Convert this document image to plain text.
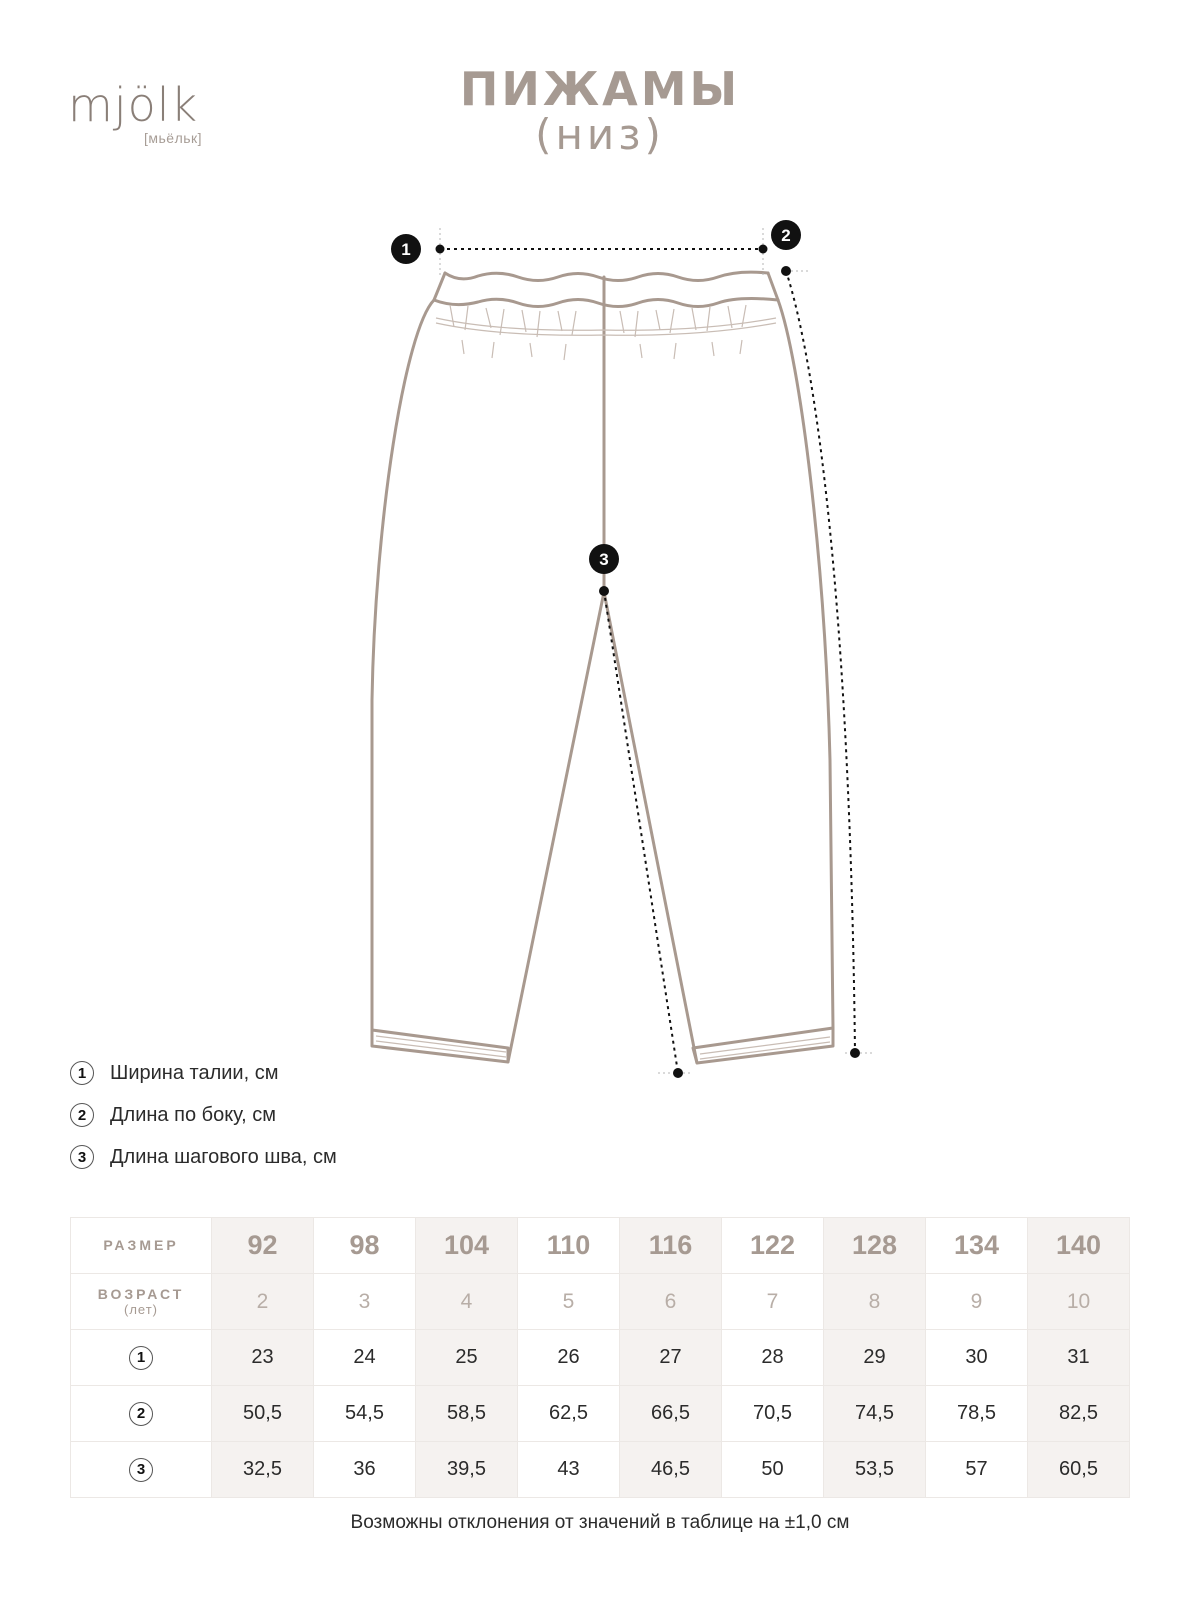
mjölk
[мьёльк]
ПИЖАМЫ
(низ)
1
2
3
1	Ширина талии, см
2	Длина по боку, см
3	Длина шагового шва, см
РАЗМЕР	92	98	104	110	116	122	128	134	140

ВОЗРАСТ
(лет)	2	3	4	5	6	7	8	9	10
1	23	24	25	26	27	28	29	30	31
2	50,5	54,5	58,5	62,5	66,5	70,5	74,5	78,5	82,5
3	32,5	36	39,5	43	46,5	50	53,5	57	60,5
Возможны отклонения от значений в таблице на ±1,0 см
